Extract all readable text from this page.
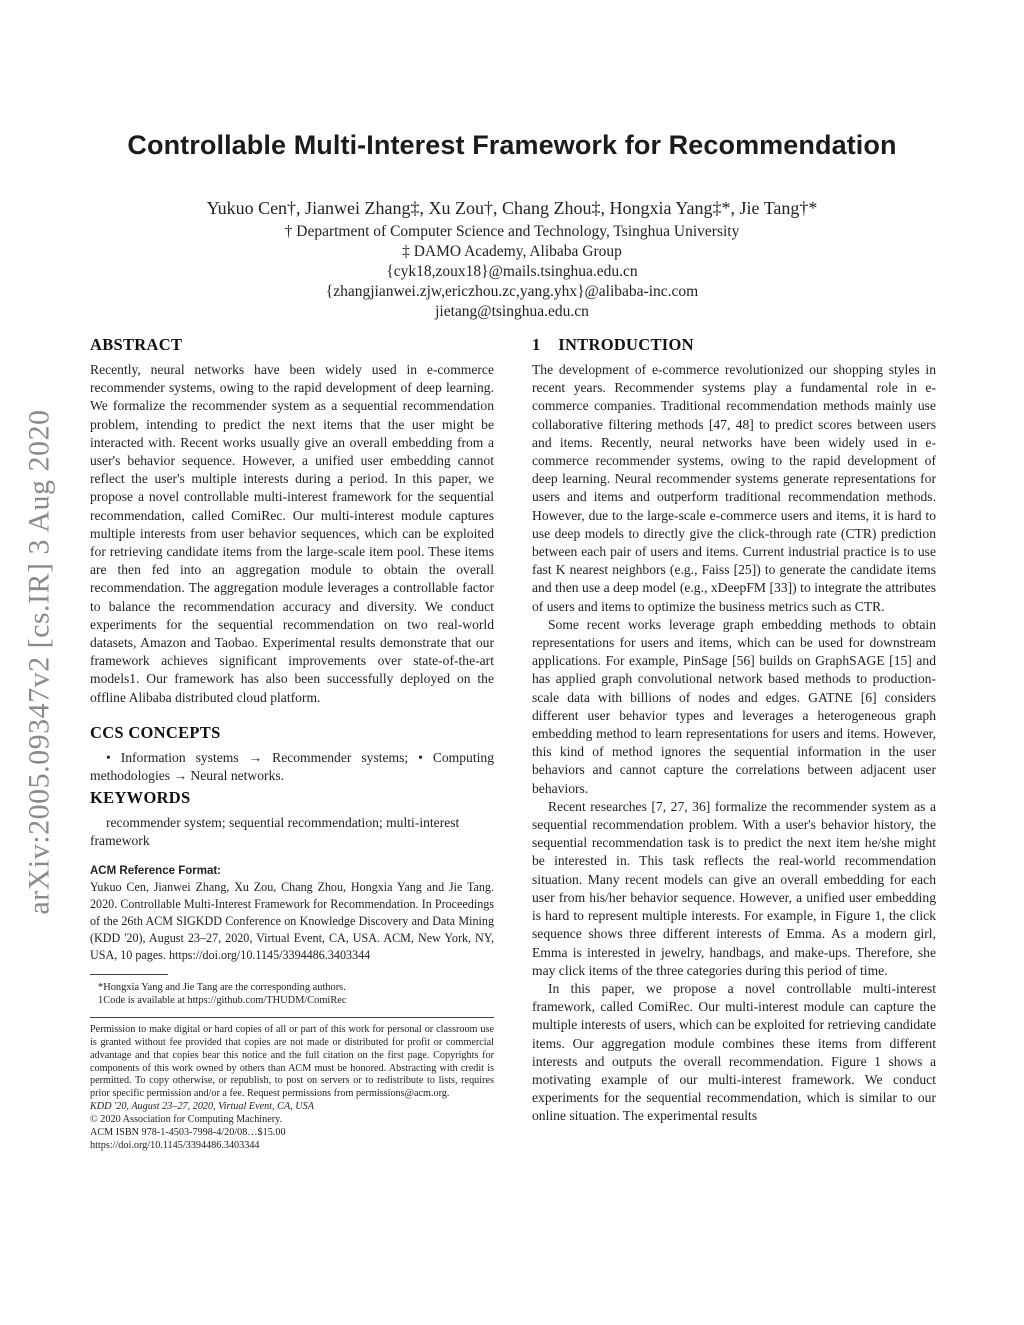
arXiv:2005.09347v2 [cs.IR] 3 Aug 2020
Controllable Multi-Interest Framework for Recommendation
Yukuo Cen†, Jianwei Zhang‡, Xu Zou†, Chang Zhou‡, Hongxia Yang‡*, Jie Tang†*
† Department of Computer Science and Technology, Tsinghua University
‡ DAMO Academy, Alibaba Group
{cyk18,zoux18}@mails.tsinghua.edu.cn
{zhangjianwei.zjw,ericzhou.zc,yang.yhx}@alibaba-inc.com
jietang@tsinghua.edu.cn
ABSTRACT

Recently, neural networks have been widely used in e-commerce recommender systems, owing to the rapid development of deep learning. We formalize the recommender system as a sequential recommendation problem, intending to predict the next items that the user might be interacted with. Recent works usually give an overall embedding from a user's behavior sequence. However, a unified user embedding cannot reflect the user's multiple interests during a period. In this paper, we propose a novel controllable multi-interest framework for the sequential recommendation, called ComiRec. Our multi-interest module captures multiple interests from user behavior sequences, which can be exploited for retrieving candidate items from the large-scale item pool. These items are then fed into an aggregation module to obtain the overall recommendation. The aggregation module leverages a controllable factor to balance the recommendation accuracy and diversity. We conduct experiments for the sequential recommendation on two real-world datasets, Amazon and Taobao. Experimental results demonstrate that our framework achieves significant improvements over state-of-the-art models1. Our framework has also been successfully deployed on the offline Alibaba distributed cloud platform.

CCS CONCEPTS

• Information systems → Recommender systems; • Computing methodologies → Neural networks.

KEYWORDS

recommender system; sequential recommendation; multi-interest framework

ACM Reference Format:

Yukuo Cen, Jianwei Zhang, Xu Zou, Chang Zhou, Hongxia Yang and Jie Tang. 2020. Controllable Multi-Interest Framework for Recommendation. In Proceedings of the 26th ACM SIGKDD Conference on Knowledge Discovery and Data Mining (KDD '20), August 23–27, 2020, Virtual Event, CA, USA. ACM, New York, NY, USA, 10 pages. https://doi.org/10.1145/3394486.3403344

*Hongxia Yang and Jie Tang are the corresponding authors.

1Code is available at https://github.com/THUDM/ComiRec

Permission to make digital or hard copies of all or part of this work for personal or classroom use is granted without fee provided that copies are not made or distributed for profit or commercial advantage and that copies bear this notice and the full citation on the first page. Copyrights for components of this work owned by others than ACM must be honored. Abstracting with credit is permitted. To copy otherwise, or republish, to post on servers or to redistribute to lists, requires prior specific permission and/or a fee. Request permissions from permissions@acm.org.

KDD '20, August 23–27, 2020, Virtual Event, CA, USA

© 2020 Association for Computing Machinery.

ACM ISBN 978-1-4503-7998-4/20/08…$15.00

https://doi.org/10.1145/3394486.3403344

1    INTRODUCTION

The development of e-commerce revolutionized our shopping styles in recent years. Recommender systems play a fundamental role in e-commerce companies. Traditional recommendation methods mainly use collaborative filtering methods [47, 48] to predict scores between users and items. Recently, neural networks have been widely used in e-commerce recommender systems, owing to the rapid development of deep learning. Neural recommender systems generate representations for users and items and outperform traditional recommendation methods. However, due to the large-scale e-commerce users and items, it is hard to use deep models to directly give the click-through rate (CTR) prediction between each pair of users and items. Current industrial practice is to use fast K nearest neighbors (e.g., Faiss [25]) to generate the candidate items and then use a deep model (e.g., xDeepFM [33]) to integrate the attributes of users and items to optimize the business metrics such as CTR.

Some recent works leverage graph embedding methods to obtain representations for users and items, which can be used for downstream applications. For example, PinSage [56] builds on GraphSAGE [15] and has applied graph convolutional network based methods to production-scale data with billions of nodes and edges. GATNE [6] considers different user behavior types and leverages a heterogeneous graph embedding method to learn representations for users and items. However, this kind of method ignores the sequential information in the user behaviors and cannot capture the correlations between adjacent user behaviors.

Recent researches [7, 27, 36] formalize the recommender system as a sequential recommendation problem. With a user's behavior history, the sequential recommendation task is to predict the next item he/she might be interested in. This task reflects the real-world recommendation situation. Many recent models can give an overall embedding for each user from his/her behavior sequence. However, a unified user embedding is hard to represent multiple interests. For example, in Figure 1, the click sequence shows three different interests of Emma. As a modern girl, Emma is interested in jewelry, handbags, and make-ups. Therefore, she may click items of the three categories during this period of time.

In this paper, we propose a novel controllable multi-interest framework, called ComiRec. Our multi-interest module can capture the multiple interests of users, which can be exploited for retrieving candidate items. Our aggregation module combines these items from different interests and outputs the overall recommendation. Figure 1 shows a motivating example of our multi-interest framework. We conduct experiments for the sequential recommendation, which is similar to our online situation. The experimental results
